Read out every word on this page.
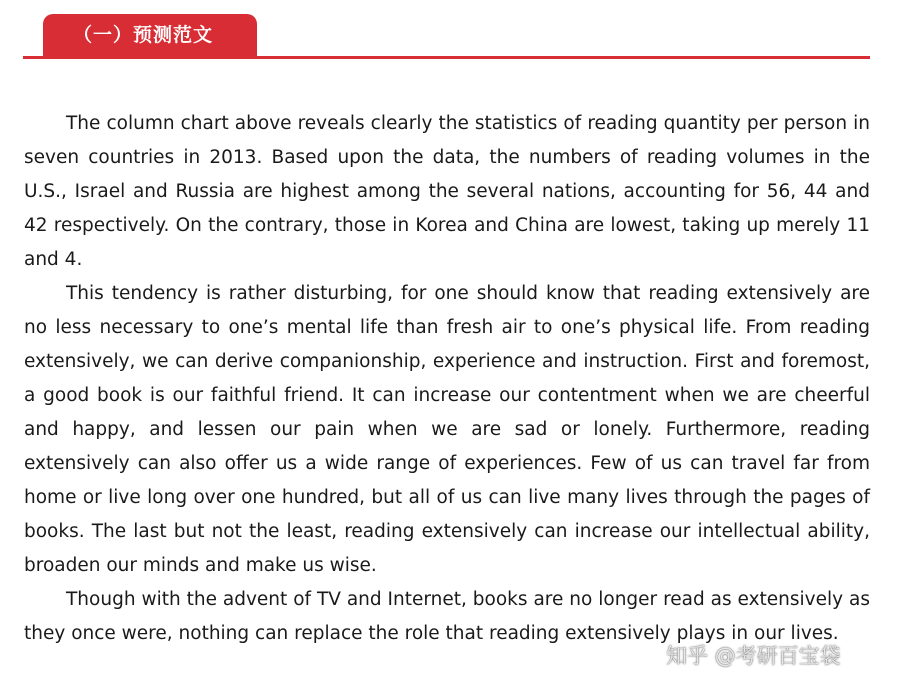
（一）预测范文

The column chart above reveals clearly the statistics of reading quantity per person in seven countries in 2013. Based upon the data, the numbers of reading volumes in the U.S., Israel and Russia are highest among the several nations, accounting for 56, 44 and 42 respectively. On the contrary, those in Korea and China are lowest, taking up merely 11 and 4.

This tendency is rather disturbing, for one should know that reading extensively are no less necessary to one’s mental life than fresh air to one’s physical life. From reading extensively, we can derive companionship, experience and instruction. First and foremost, a good book is our faithful friend. It can increase our contentment when we are cheerful and happy, and lessen our pain when we are sad or lonely. Furthermore, reading extensively can also offer us a wide range of experiences. Few of us can travel far from home or live long over one hundred, but all of us can live many lives through the pages of books. The last but not the least, reading extensively can increase our intellectual ability, broaden our minds and make us wise.

Though with the advent of TV and Internet, books are no longer read as extensively as they once were, nothing can replace the role that reading extensively plays in our lives.

知乎 @考研百宝袋
